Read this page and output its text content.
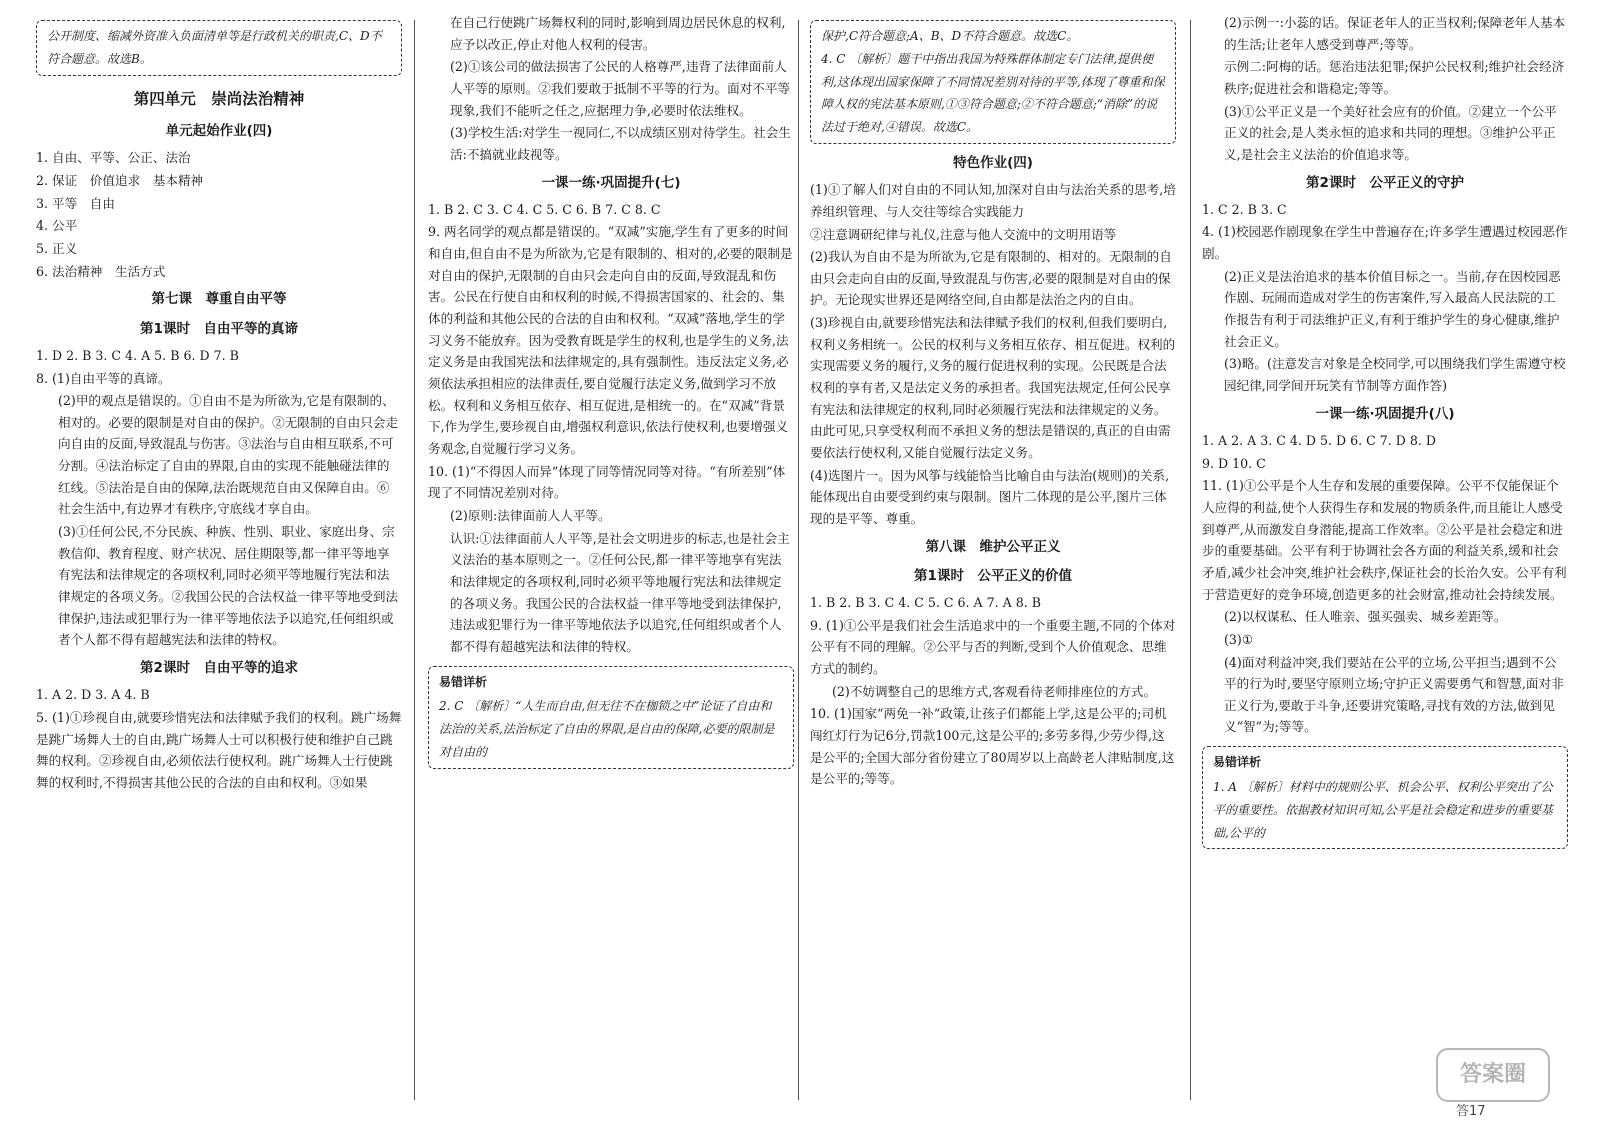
公开制度、缩减外资准入负面清单等是行政机关的职责,C、D不符合题意。故选B。
第四单元　崇尚法治精神
单元起始作业(四)
1. 自由、平等、公正、法治
2. 保证　价值追求　基本精神
3. 平等　自由
4. 公平
5. 正义
6. 法治精神　生活方式
第七课　尊重自由平等
第1课时　自由平等的真谛
1. D 2. B 3. C 4. A 5. B 6. D 7. B
8. (1)自由平等的真谛。
(2)甲的观点是错误的。①自由不是为所欲为,它是有限制的、相对的。必要的限制是对自由的保护。②无限制的自由只会走向自由的反面,导致混乱与伤害。③法治与自由相互联系,不可分割。④法治标定了自由的界限,自由的实现不能触碰法律的红线。⑤法治是自由的保障,法治既规范自由又保障自由。⑥社会生活中,有边界才有秩序,守底线才享自由。
(3)①任何公民,不分民族、种族、性别、职业、家庭出身、宗教信仰、教育程度、财产状况、居住期限等,都一律平等地享有宪法和法律规定的各项权利,同时必须平等地履行宪法和法律规定的各项义务。②我国公民的合法权益一律平等地受到法律保护,违法或犯罪行为一律平等地依法予以追究,任何组织或者个人都不得有超越宪法和法律的特权。
第2课时　自由平等的追求
1. A 2. D 3. A 4. B
5. (1)①珍视自由,就要珍惜宪法和法律赋予我们的权利。跳广场舞是跳广场舞人士的自由,跳广场舞人士可以积极行使和维护自己跳舞的权利。②珍视自由,必须依法行使权利。跳广场舞人士行使跳舞的权利时,不得损害其他公民的合法的自由和权利。③如果
在自己行使跳广场舞权利的同时,影响到周边居民休息的权利,应予以改正,停止对他人权利的侵害。
(2)①该公司的做法损害了公民的人格尊严,违背了法律面前人人平等的原则。②我们要敢于抵制不平等的行为。面对不平等现象,我们不能听之任之,应据理力争,必要时依法维权。
(3)学校生活:对学生一视同仁,不以成绩区别对待学生。社会生活:不搞就业歧视等。
一课一练·巩固提升(七)
1. B 2. C 3. C 4. C 5. C 6. B 7. C 8. C
9. 两名同学的观点都是错误的。“双减”实施,学生有了更多的时间和自由,但自由不是为所欲为,它是有限制的、相对的,必要的限制是对自由的保护,无限制的自由只会走向自由的反面,导致混乱和伤害。公民在行使自由和权利的时候,不得损害国家的、社会的、集体的利益和其他公民的合法的自由和权利。“双减”落地,学生的学习义务不能放弃。因为受教育既是学生的权利,也是学生的义务,法定义务是由我国宪法和法律规定的,具有强制性。违反法定义务,必须依法承担相应的法律责任,要自觉履行法定义务,做到学习不放松。权利和义务相互依存、相互促进,是相统一的。在“双减”背景下,作为学生,要珍视自由,增强权利意识,依法行使权利,也要增强义务观念,自觉履行学习义务。
10. (1)“不得因人而异”体现了同等情况同等对待。“有所差别”体现了不同情况差别对待。
(2)原则:法律面前人人平等。
认识:①法律面前人人平等,是社会文明进步的标志,也是社会主义法治的基本原则之一。②任何公民,都一律平等地享有宪法和法律规定的各项权利,同时必须平等地履行宪法和法律规定的各项义务。我国公民的合法权益一律平等地受到法律保护,违法或犯罪行为一律平等地依法予以追究,任何组织或者个人都不得有超越宪法和法律的特权。
易错详析
2. C 〔解析〕“人生而自由,但无往不在枷锁之中”论证了自由和法治的关系,法治标定了自由的界限,是自由的保障,必要的限制是对自由的
保护,C符合题意;A、B、D不符合题意。故选C。
4. C 〔解析〕题干中指出我国为特殊群体制定专门法律,提供便利,这体现出国家保障了不同情况差别对待的平等,体现了尊重和保障人权的宪法基本原则,①③符合题意;②不符合题意;“消除”的说法过于绝对,④错误。故选C。
特色作业(四)
(1)①了解人们对自由的不同认知,加深对自由与法治关系的思考,培养组织管理、与人交往等综合实践能力
②注意调研纪律与礼仪,注意与他人交流中的文明用语等
(2)我认为自由不是为所欲为,它是有限制的、相对的。无限制的自由只会走向自由的反面,导致混乱与伤害,必要的限制是对自由的保护。无论现实世界还是网络空间,自由都是法治之内的自由。
(3)珍视自由,就要珍惜宪法和法律赋予我们的权利,但我们要明白,权利义务相统一。公民的权利与义务相互依存、相互促进。权利的实现需要义务的履行,义务的履行促进权利的实现。公民既是合法权利的享有者,又是法定义务的承担者。我国宪法规定,任何公民享有宪法和法律规定的权利,同时必须履行宪法和法律规定的义务。由此可见,只享受权利而不承担义务的想法是错误的,真正的自由需要依法行使权利,又能自觉履行法定义务。
(4)选图片一。因为风筝与线能恰当比喻自由与法治(规则)的关系,能体现出自由要受到约束与限制。图片二体现的是公平,图片三体现的是平等、尊重。
第八课　维护公平正义
第1课时　公平正义的价值
1. B 2. B 3. C 4. C 5. C 6. A 7. A 8. B
9. (1)①公平是我们社会生活追求中的一个重要主题,不同的个体对公平有不同的理解。②公平与否的判断,受到个人价值观念、思维方式的制约。
(2)不妨调整自己的思维方式,客观看待老师排座位的方式。
10. (1)国家“两免一补”政策,让孩子们都能上学,这是公平的;司机闯红灯行为记6分,罚款100元,这是公平的;多劳多得,少劳少得,这是公平的;全国大部分省份建立了80周岁以上高龄老人津贴制度,这是公平的;等等。
(2)示例一:小蕊的话。保证老年人的正当权利;保障老年人基本的生活;让老年人感受到尊严;等等。
示例二:阿梅的话。惩治违法犯罪;保护公民权利;维护社会经济秩序;促进社会和谐稳定;等等。
(3)①公平正义是一个美好社会应有的价值。②建立一个公平正义的社会,是人类永恒的追求和共同的理想。③维护公平正义,是社会主义法治的价值追求等。
第2课时　公平正义的守护
1. C 2. B 3. C
4. (1)校园恶作剧现象在学生中普遍存在;许多学生遭遇过校园恶作剧。
(2)正义是法治追求的基本价值目标之一。当前,存在因校园恶作剧、玩闹而造成对学生的伤害案件,写入最高人民法院的工作报告有利于司法维护正义,有利于维护学生的身心健康,维护社会正义。
(3)略。(注意发言对象是全校同学,可以围绕我们学生需遵守校园纪律,同学间开玩笑有节制等方面作答)
一课一练·巩固提升(八)
1. A 2. A 3. C 4. D 5. D 6. C 7. D 8. D
9. D 10. C
11. (1)①公平是个人生存和发展的重要保障。公平不仅能保证个人应得的利益,使个人获得生存和发展的物质条件,而且能让人感受到尊严,从而激发自身潜能,提高工作效率。②公平是社会稳定和进步的重要基础。公平有利于协调社会各方面的利益关系,缓和社会矛盾,减少社会冲突,维护社会秩序,保证社会的长治久安。公平有利于营造更好的竞争环境,创造更多的社会财富,推动社会持续发展。
(2)以权谋私、任人唯亲、强买强卖、城乡差距等。
(3)①
(4)面对利益冲突,我们要站在公平的立场,公平担当;遇到不公平的行为时,要坚守原则立场;守护正义需要勇气和智慧,面对非正义行为,要敢于斗争,还要讲究策略,寻找有效的方法,做到见义“智”为;等等。
易错详析
1. A 〔解析〕材料中的规则公平、机会公平、权利公平突出了公平的重要性。依据教材知识可知,公平是社会稳定和进步的重要基础,公平的
答案圈
答17
